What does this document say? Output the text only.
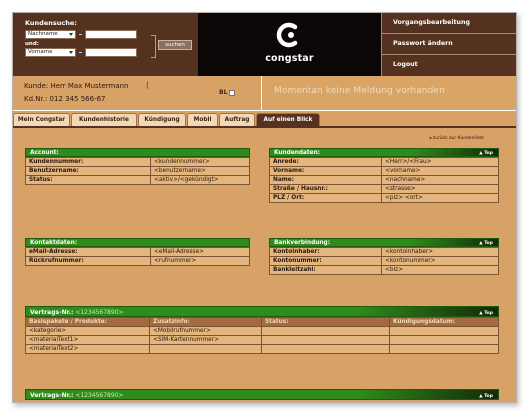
Kundensuche:
Nachname
und:
Vorname
suchen
congstar
Vorgangsbearbeitung
Passwort ändern
Logout
Kunde: Herr Max Mustermann	|
Kd.Nr.: 012 345 566-67
BL	Momentan keine Meldung vorhanden
Mein Congstar	Kundenhistorie	Kündigung	Mobil	Auftrag	Auf einen Blick
◂ zurück zur Kundenliste
Account:
Kundennummer:	<kundennummer>
Benutzername:	<benutzername>
Status:	<aktiv>/<gekündigt>
Kundendaten:	▲ Top
Anrede:	<Herr>/<Frau>
Vorname:	<vorname>
Name:	<nachname>
Straße / Hausnr.:	<strasse>
PLZ / Ort:	<plz> <ort>
Kontaktdaten:
eMail-Adresse:	<eMail-Adresse>
Rückrufnummer:	<rufnummer>
Bankverbindung:	▲ Top
Kontoinhaber:	<kontoinhaber>
Kontonummer:	<kontonummer>
Bankleitzahl:	<blz>
Vertrags-Nr.: <1234567890>	▲ Top
Basispakete / Produkte:	Zusatzinfo:	Status:	Kündigungsdatum:
<kategorie>	<Mobilrufnummer>		
<materialText1>	<SIM-Kartennummer>		
<materialText2>			
Vertrags-Nr.: <1234567890>	▲ Top
